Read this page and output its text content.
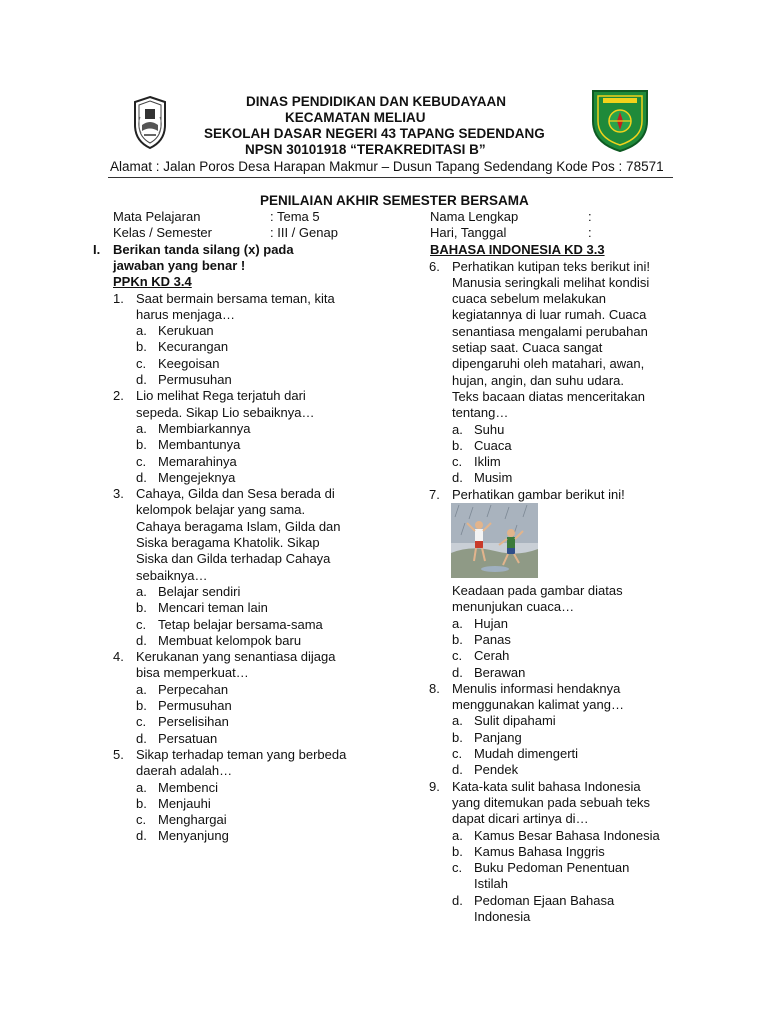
DINAS PENDIDIKAN DAN KEBUDAYAAN
KECAMATAN MELIAU
SEKOLAH DASAR NEGERI 43 TAPANG SEDENDANG
NPSN 30101918 “TERAKREDITASI B”
Alamat : Jalan Poros Desa Harapan Makmur – Dusun Tapang Sedendang Kode Pos : 78571
PENILAIAN AKHIR SEMESTER BERSAMA
Mata Pelajaran	: Tema 5
Kelas / Semester	: III / Genap
Nama Lengkap	:
Hari, Tanggal	:
I. Berikan tanda silang (x) pada
jawaban yang benar !
PPKn KD 3.4
BAHASA INDONESIA KD 3.3
1. Saat bermain bersama teman, kita
harus menjaga…
a. Kerukuan
b. Kecurangan
c. Keegoisan
d. Permusuhan
2. Lio melihat Rega terjatuh dari
sepeda. Sikap Lio sebaiknya…
a. Membiarkannya
b. Membantunya
c. Memarahinya
d. Mengejeknya
3. Cahaya, Gilda dan Sesa berada di
kelompok belajar yang sama.
Cahaya beragama Islam, Gilda dan
Siska beragama Khatolik. Sikap
Siska dan Gilda terhadap Cahaya
sebaiknya…
a. Belajar sendiri
b. Mencari teman lain
c. Tetap belajar bersama-sama
d. Membuat kelompok baru
4. Kerukanan yang senantiasa dijaga
bisa memperkuat…
a. Perpecahan
b. Permusuhan
c. Perselisihan
d. Persatuan
5. Sikap terhadap teman yang berbeda
daerah adalah…
a. Membenci
b. Menjauhi
c. Menghargai
d. Menyanjung
6. Perhatikan kutipan teks berikut ini!
Manusia seringkali melihat kondisi
cuaca sebelum melakukan
kegiatannya di luar rumah. Cuaca
senantiasa mengalami perubahan
setiap saat. Cuaca sangat
dipengaruhi oleh matahari, awan,
hujan, angin, dan suhu udara.
Teks bacaan diatas menceritakan
tentang…
a. Suhu
b. Cuaca
c. Iklim
d. Musim
7. Perhatikan gambar berikut ini!
Keadaan pada gambar diatas
menunjukan cuaca…
a. Hujan
b. Panas
c. Cerah
d. Berawan
8. Menulis informasi hendaknya
menggunakan kalimat yang…
a. Sulit dipahami
b. Panjang
c. Mudah dimengerti
d. Pendek
9. Kata-kata sulit bahasa Indonesia
yang ditemukan pada sebuah teks
dapat dicari artinya di…
a. Kamus Besar Bahasa Indonesia
b. Kamus Bahasa Inggris
c. Buku Pedoman Penentuan
Istilah
d. Pedoman Ejaan Bahasa
Indonesia
